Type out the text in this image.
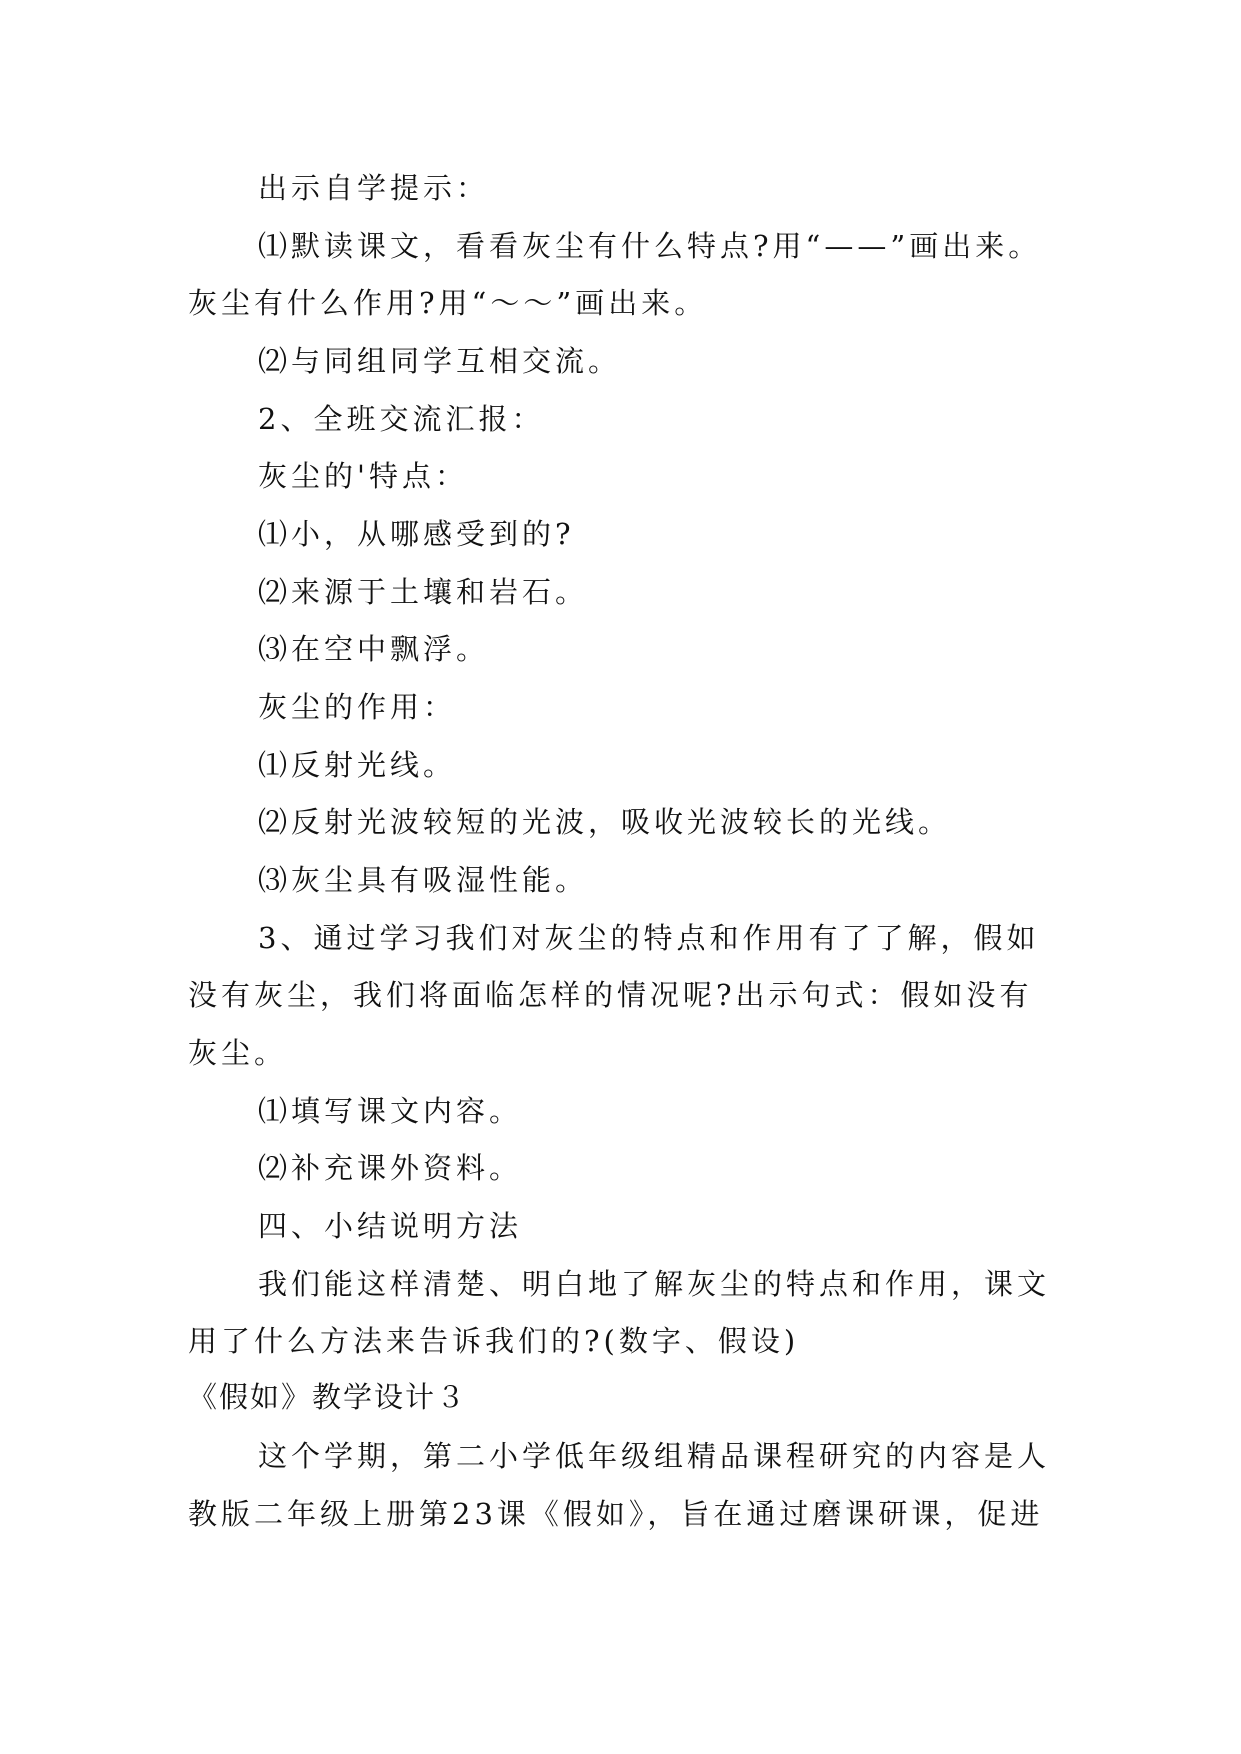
出示自学提示：
⑴默读课文，看看灰尘有什么特点?用“——”画出来。
灰尘有什么作用?用“～～”画出来。
⑵与同组同学互相交流。
2、全班交流汇报：
灰尘的'特点：
⑴小，从哪感受到的?
⑵来源于土壤和岩石。
⑶在空中飘浮。
灰尘的作用：
⑴反射光线。
⑵反射光波较短的光波，吸收光波较长的光线。
⑶灰尘具有吸湿性能。
3、通过学习我们对灰尘的特点和作用有了了解，假如
没有灰尘，我们将面临怎样的情况呢?出示句式：假如没有
灰尘。
⑴填写课文内容。
⑵补充课外资料。
四、小结说明方法
我们能这样清楚、明白地了解灰尘的特点和作用，课文
用了什么方法来告诉我们的?(数字、假设)
《假如》教学设计３
这个学期，第二小学低年级组精品课程研究的内容是人
教版二年级上册第23课《假如》，旨在通过磨课研课，促进
